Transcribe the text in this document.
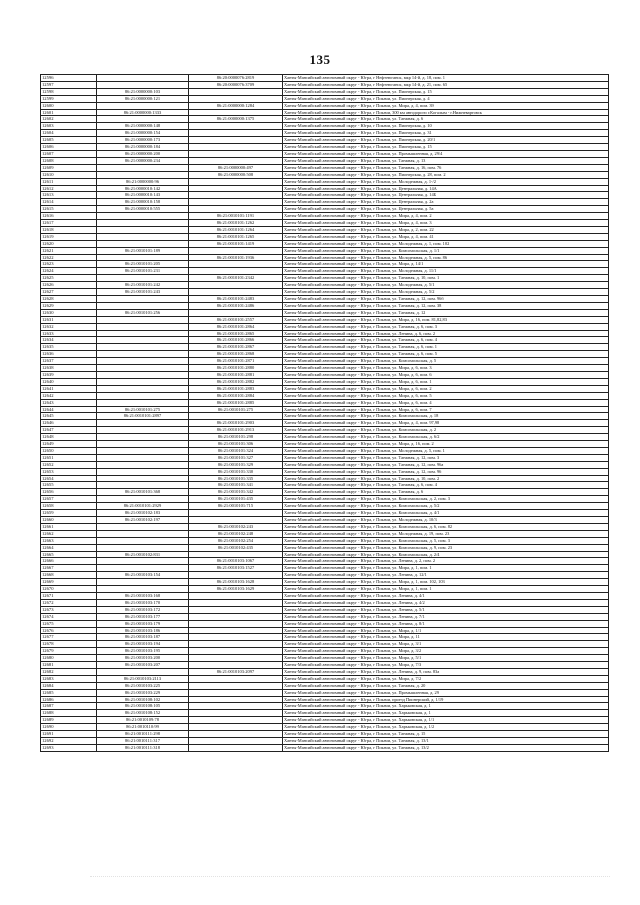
135
12596		86:20:0000076:2819	Ханты-Мансийский автономный округ - Югра, г Нефтеюганск, мкр 14-й, д. 18, пом. 1
12597		86:20:0000076:3709	Ханты-Мансийский автономный округ - Югра, г Нефтеюганск, мкр 14-й, д. 21, пом. 65
12598	86:21:0000000:103		Ханты-Мансийский автономный округ - Югра, г Покачи, ул. Пионерская, д. 15
12599	86:21:0000000:121		Ханты-Мансийский автономный округ - Югра, г Покачи, ул. Пионерская, д. 4
12600		86:21:0000000:1284	Ханты-Мансийский автономный округ - Югра, г Покачи, ул. Мира, д. 4, пом. 39
12601	86:21:0000000:1333		Ханты-Мансийский автономный округ - Югра, г Покачи, 300 км автодороги г.Когалым - г.Нижневартовск
12602		86:21:0000000:1375	Ханты-Мансийский автономный округ - Югра, г Покачи, ул. Таежная, д. 6
12603	86:21:0000000:148		Ханты-Мансийский автономный округ - Югра, г Покачи, ул. Пионерская, д. 10
12604	86:21:0000000:154		Ханты-Мансийский автономный округ - Югра, г Покачи, ул. Пионерская, д. 31
12605	86:21:0000000:173		Ханты-Мансийский автономный округ - Югра, г Покачи, ул. Пионерская, д. 20/1
12606	86:21:0000000:184		Ханты-Мансийский автономный округ - Югра, г Покачи, ул. Пионерская, д. 15
12607	86:21:0000000:200		Ханты-Мансийский автономный округ - Югра, г Покачи, ул. Промышленная, д. 29/4
12608	86:21:0000000:234		Ханты-Мансийский автономный округ - Югра, г Покачи, ул. Таежная, д. 13
12609		86:21:0000000:497	Ханты-Мансийский автономный округ - Югра, г Покачи, ул. Таежная, д. 16, пом. 76
12610		86:21:0000000:508	Ханты-Мансийский автономный округ - Югра, г Покачи, ул. Пионерская, д. 28, пом. 2
12611	86:21:0000000:96		Ханты-Мансийский автономный округ - Югра, г Покачи, ул. Молодежная, д. 1-/2
12612	86:21:0000010:142		Ханты-Мансийский автономный округ - Югра, г Покачи, ул. Центральная, д. 14А
12613	86:21:0000010:143		Ханты-Мансийский автономный округ - Югра, г Покачи, ул. Центральная, д. 14Б
12614	86:21:0000010:158		Ханты-Мансийский автономный округ - Югра, г Покачи, ул. Центральная, д. 2а
12615	86:21:0000010:555		Ханты-Мансийский автономный округ - Югра, г Покачи, ул. Центральная, д. 5а
12616		86:21:0010101:1191	Ханты-Мансийский автономный округ - Югра, г Покачи, ул. Мира, д. 4, пом. 2
12617		86:21:0010101:1262	Ханты-Мансийский автономный округ - Югра, г Покачи, ул. Мира, д. 4, пом. 3
12618		86:21:0010101:1264	Ханты-Мансийский автономный округ - Югра, г Покачи, ул. Мира, д. 2, пом. 22
12619		86:21:0010101:1265	Ханты-Мансийский автономный округ - Югра, г Покачи, ул. Мира, д. 4, пом. 41
12620		86:21:0010101:1419	Ханты-Мансийский автономный округ - Югра, г Покачи, ул. Молодежная, д. 1, пом. 102
12621	86:21:0010101:189		Ханты-Мансийский автономный округ - Югра, г Покачи, ул. Комсомольская, д. 1/1
12622		86:21:0010101:1936	Ханты-Мансийский автономный округ - Югра, г Покачи, ул. Молодежная, д. 5, пом. 86
12623	86:21:0010101:205		Ханты-Мансийский автономный округ - Югра, г Покачи, ул. Мира, д. 14/1
12624	86:21:0010101:231		Ханты-Мансийский автономный округ - Югра, г Покачи, ул. Молодежная, д. 11/1
12625		86:21:0010101:2342	Ханты-Мансийский автономный округ - Югра, г Покачи, ул. Таежная, д. 10, пом. 1
12626	86:21:0010101:242		Ханты-Мансийский автономный округ - Югра, г Покачи, ул. Молодежная, д. 5/1
12627	86:21:0010101:243		Ханты-Мансийский автономный округ - Югра, г Покачи, ул. Молодежная, д. 5/2
12628		86:21:0010101:2483	Ханты-Мансийский автономный округ - Югра, г Покачи, ул. Таежная, д. 12, пом. 96б
12629		86:21:0010101:2486	Ханты-Мансийский автономный округ - Югра, г Покачи, ул. Таежная, д. 12, пом. 38
12630	86:21:0010101:256		Ханты-Мансийский автономный округ - Югра, г Покачи, ул. Таежная, д. 12
12631		86:21:0010101:2557	Ханты-Мансийский автономный округ - Югра, г Покачи, ул. Мира, д. 16, пом. 81,82,83
12632		86:21:0010101:2864	Ханты-Мансийский автономный округ - Югра, г Покачи, ул. Таежная, д. 6, пом. 3
12633		86:21:0010101:2865	Ханты-Мансийский автономный округ - Югра, г Покачи, ул. Ленина, д. 6, пом. 2
12634		86:21:0010101:2866	Ханты-Мансийский автономный округ - Югра, г Покачи, ул. Таежная, д. 6, пом. 4
12635		86:21:0010101:2867	Ханты-Мансийский автономный округ - Югра, г Покачи, ул. Таежная, д. 6, пом. 1
12636		86:21:0010101:2868	Ханты-Мансийский автономный округ - Югра, г Покачи, ул. Таежная, д. 6, пом. 5
12637		86:21:0010101:2871	Ханты-Мансийский автономный округ - Югра, г Покачи, ул. Комсомольская, д. 5
12638		86:21:0010101:2880	Ханты-Мансийский автономный округ - Югра, г Покачи, ул. Мира, д. 6, пом. 3
12639		86:21:0010101:2881	Ханты-Мансийский автономный округ - Югра, г Покачи, ул. Мира, д. 6, пом. 6
12640		86:21:0010101:2882	Ханты-Мансийский автономный округ - Югра, г Покачи, ул. Мира, д. 6, пом. 1
12641		86:21:0010101:2883	Ханты-Мансийский автономный округ - Югра, г Покачи, ул. Мира, д. 6, пом. 2
12642		86:21:0010101:2884	Ханты-Мансийский автономный округ - Югра, г Покачи, ул. Мира, д. 6, пом. 5
12643		86:21:0010101:2885	Ханты-Мансийский автономный округ - Югра, г Покачи, ул. Мира, д. 6, пом. 4
12644	86:21:0010101:275	86:21:0010101:275	Ханты-Мансийский автономный округ - Югра, г Покачи, ул. Мира, д. 6, пом. 7
12645	86:21:0010101:2897		Ханты-Мансийский автономный округ - Югра, г Покачи, ул. Комсомольская, д. 18
12646		86:21:0010101:2903	Ханты-Мансийский автономный округ - Югра, г Покачи, ул. Мира, д. 4, пом. 97,98
12647		86:21:0010101:2913	Ханты-Мансийский автономный округ - Югра, г Покачи, ул. Комсомольская, д. 2
12648		86:21:0010101:298	Ханты-Мансийский автономный округ - Югра, г Покачи, ул. Комсомольская, д. 6/2
12649		86:21:0010101:306	Ханты-Мансийский автономный округ - Югра, г Покачи, ул. Мира, д. 16, пом. 2
12650		86:21:0010101:324	Ханты-Мансийский автономный округ - Югра, г Покачи, ул. Молодежная, д. 5, пом. 1
12651		86:21:0010101:327	Ханты-Мансийский автономный округ - Югра, г Покачи, ул. Таежная, д. 12, пом. 3
12652		86:21:0010101:329	Ханты-Мансийский автономный округ - Югра, г Покачи, ул. Таежная, д. 12, пом. 96а
12653		86:21:0010101:330	Ханты-Мансийский автономный округ - Югра, г Покачи, ул. Таежная, д. 12, пом. 96
12654		86:21:0010101:335	Ханты-Мансийский автономный округ - Югра, г Покачи, ул. Таежная, д. 10, пом. 2
12655		86:21:0010101:341	Ханты-Мансийский автономный округ - Югра, г Покачи, ул. Таежная, д. 6, пом. 4
12656	86:21:0010101:368	86:21:0010101:342	Ханты-Мансийский автономный округ - Югра, г Покачи, ул. Таежная, д. 6
12657		86:21:0010101:435	Ханты-Мансийский автономный округ - Югра, г Покачи, ул. Комсомольская, д. 2, пом. 3
12658	86:21:0010101:2929	86:21:0010101:715	Ханты-Мансийский автономный округ - Югра, г Покачи, ул. Комсомольская, д. 5/2
12659	86:21:0010102:183		Ханты-Мансийский автономный округ - Югра, г Покачи, ул. Комсомольская, д. 4/1
12660	86:21:0010102:197		Ханты-Мансийский автономный округ - Югра, г Покачи, ул. Молодежная, д. 10/3
12661		86:21:0010102:243	Ханты-Мансийский автономный округ - Югра, г Покачи, ул. Комсомольская, д. 6, пом. 82
12662		86:21:0010102:248	Ханты-Мансийский автономный округ - Югра, г Покачи, ул. Молодежная, д. 19, пом. 23
12663		86:21:0010102:254	Ханты-Мансийский автономный округ - Югра, г Покачи, ул. Комсомольская, д. 5, пом. 3
12664		86:21:0010102:435	Ханты-Мансийский автономный округ - Югра, г Покачи, ул. Комсомольская, д. 9, пом. 23
12665	86:21:0010102:831		Ханты-Мансийский автономный округ - Югра, г Покачи, ул. Комсомольская, д. 2/4
12666		86:21:0010103:1067	Ханты-Мансийский автономный округ - Югра, г Покачи, ул. Ленина, д. 2, пом. 2
12667		86:21:0010103:1527	Ханты-Мансийский автономный округ - Югра, г Покачи, ул. Мира, д. 1, пом. 1
12668	86:21:0010103:154		Ханты-Мансийский автономный округ - Югра, г Покачи, ул. Ленина, д. 12/1
12669		86:21:0010103:1628	Ханты-Мансийский автономный округ - Югра, г Покачи, ул. Мира, д. 1, пом. 102, 103
12670		86:21:0010103:1629	Ханты-Мансийский автономный округ - Югра, г Покачи, ул. Мира, д. 1, пом. 1
12671	86:21:0010103:168		Ханты-Мансийский автономный округ - Югра, г Покачи, ул. Ленина, д. 4/1
12672	86:21:0010103:170		Ханты-Мансийский автономный округ - Югра, г Покачи, ул. Ленина, д. 4/2
12673	86:21:0010103:172		Ханты-Мансийский автономный округ - Югра, г Покачи, ул. Ленина, д. 5/1
12674	86:21:0010103:177		Ханты-Мансийский автономный округ - Югра, г Покачи, ул. Ленина, д. 7/1
12675	86:21:0010103:179		Ханты-Мансийский автономный округ - Югра, г Покачи, ул. Ленина, д. 8/1
12676	86:21:0010103:186		Ханты-Мансийский автономный округ - Югра, г Покачи, ул. Мира, д. 1/1
12677	86:21:0010103:187		Ханты-Мансийский автономный округ - Югра, г Покачи, ул. Мира, д. 11
12678	86:21:0010103:194		Ханты-Мансийский автономный округ - Югра, г Покачи, ул. Мира, д. 3/1
12679	86:21:0010103:195		Ханты-Мансийский автономный округ - Югра, г Покачи, ул. Мира, д. 3/2
12680	86:21:0010103:200		Ханты-Мансийский автономный округ - Югра, г Покачи, ул. Мира, д. 5/1
12681	86:21:0010103:207		Ханты-Мансийский автономный округ - Югра, г Покачи, ул. Мира, д. 7/3
12682		86:21:0010103:2097	Ханты-Мансийский автономный округ - Югра, г Покачи, ул. Ленина, д. 9, пом. 83а
12683	86:21:0010103:2113		Ханты-Мансийский автономный округ - Югра, г Покачи, ул. Мира, д. 7/2
12684	86:21:0010103:225		Ханты-Мансийский автономный округ - Югра, г Покачи, ул. Таежная, д. 20
12685	86:21:0010103:229		Ханты-Мансийский автономный округ - Югра, г Покачи, ул. Промышленная, д. 29
12686	86:21:0010108:102		Ханты-Мансийский автономный округ - Югра, г Покачи, проезд Пионерский, д. 1/19
12687	86:21:0010108:105		Ханты-Мансийский автономный округ - Югра, г Покачи, ул. Харьковская, д. 1
12688	86:21:0010108:152		Ханты-Мансийский автономный округ - Югра, г Покачи, ул. Харьковская, д. 1
12689	86:21:0010109:78		Ханты-Мансийский автономный округ - Югра, г Покачи, ул. Харьковская, д. 1/1
12690	86:21:0010110:99		Ханты-Мансийский автономный округ - Югра, г Покачи, ул. Харьковская, д. 1/2
12691	86:21:0010111:298		Ханты-Мансийский автономный округ - Югра, г Покачи, ул. Таежная, д. 15
12692	86:21:0010111:317		Ханты-Мансийский автономный округ - Югра, г Покачи, ул. Таежная, д. 13/1
12693	86:21:0010111:318		Ханты-Мансийский автономный округ - Югра, г Покачи, ул. Таежная, д. 13/2
